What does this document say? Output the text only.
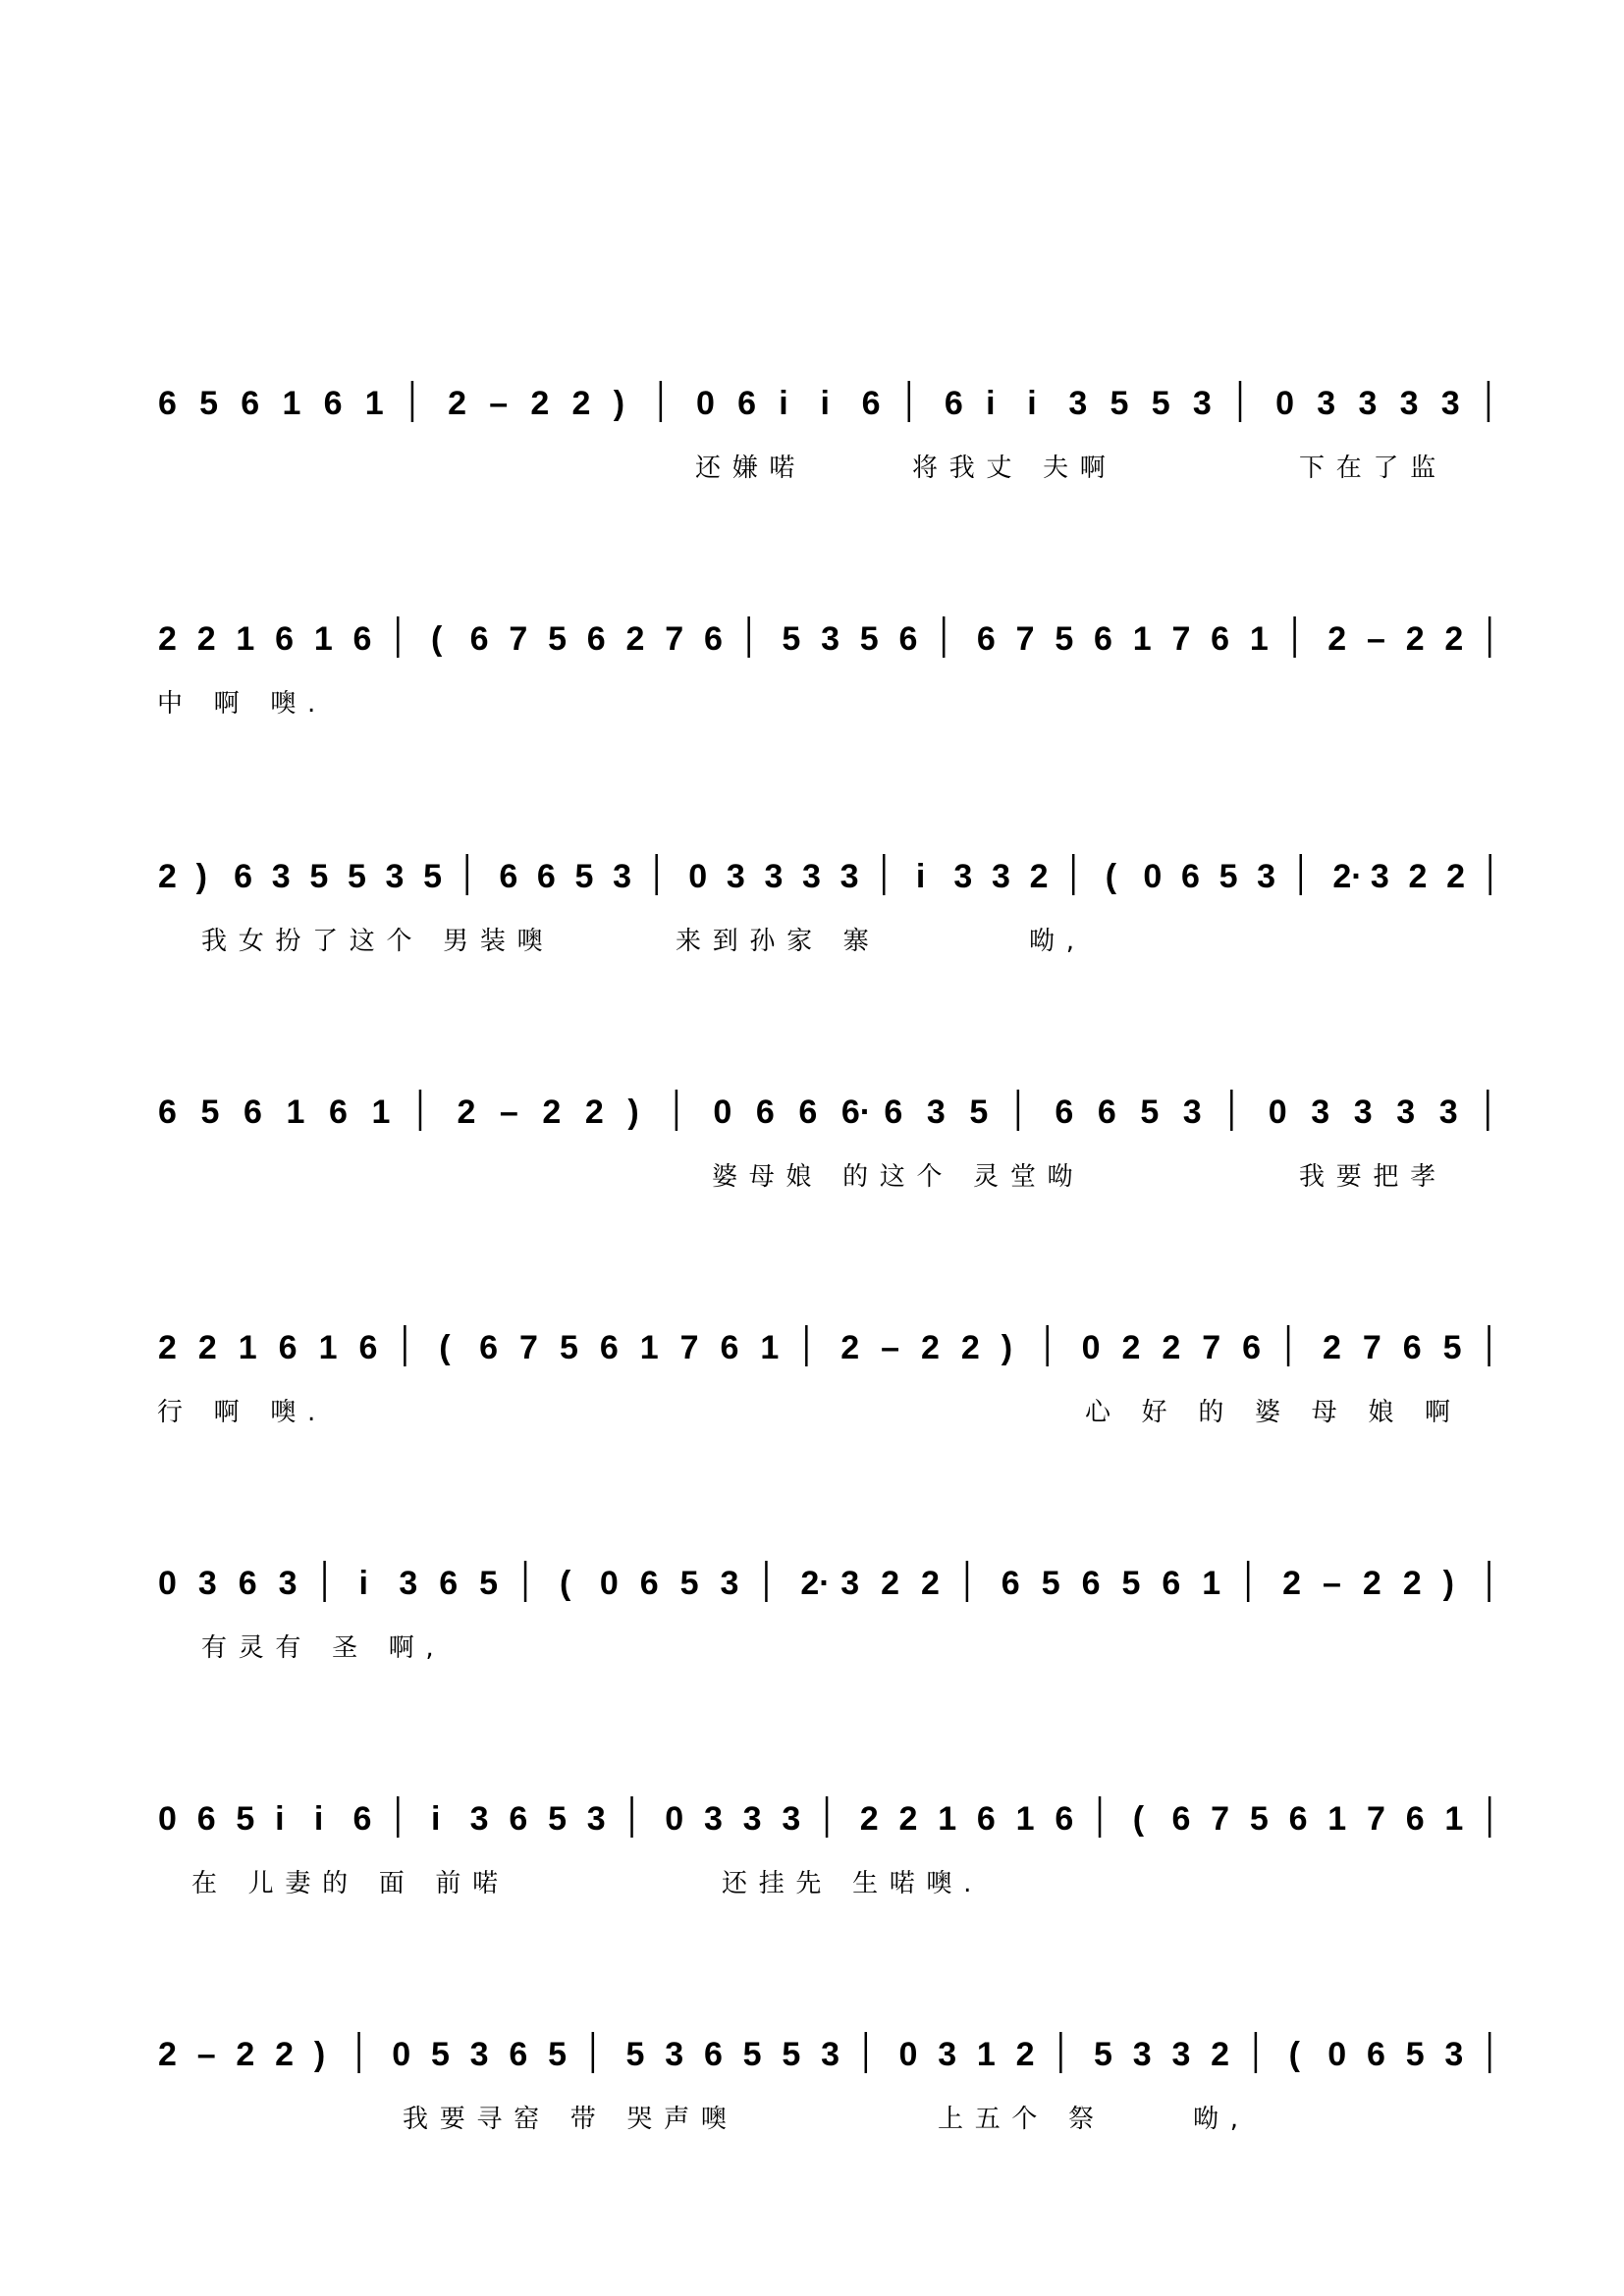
6 5 6 1 6 1 2 – 2 2 ) 0 6 i i 6 6 i i 3 5 5 3 0 3 3 3 3
还嫌喏	将我丈 夫啊	下在了监
2 2 1 6 1 6 ( 6 7 5 6 2 7 6 5 3 5 6 6 7 5 6 1 7 6 1 2 – 2 2
中 啊 噢.
2 ) 6 3 5 5 3 5 6 6 5 3 0 3 3 3 3 i 3 3 2 ( 0 6 5 3 2· 3 2 2
我女扮了这个 男装噢	来到孙家 寨	呦,
6 5 6 1 6 1 2 – 2 2 ) 0 6 6 6· 6 3 5 6 6 5 3 0 3 3 3 3
婆母娘 的这个 灵堂呦	我要把孝
2 2 1 6 1 6 ( 6 7 5 6 1 7 6 1 2 – 2 2 ) 0 2 2 7 6 2 7 6 5
行 啊 噢.	心 好 的 婆 母 娘 啊
0 3 6 3 i 3 6 5 ( 0 6 5 3 2· 3 2 2 6 5 6 5 6 1 2 – 2 2 )
有灵有 圣 啊,
0 6 5 i i 6 i 3 6 5 3 0 3 3 3 2 2 1 6 1 6 ( 6 7 5 6 1 7 6 1
在 儿妻的 面 前喏	还挂先 生喏噢.
2 – 2 2 ) 0 5 3 6 5 5 3 6 5 5 3 0 3 1 2 5 3 3 2 ( 0 6 5 3
我要寻窑 带 哭声噢	上五个 祭	呦,
